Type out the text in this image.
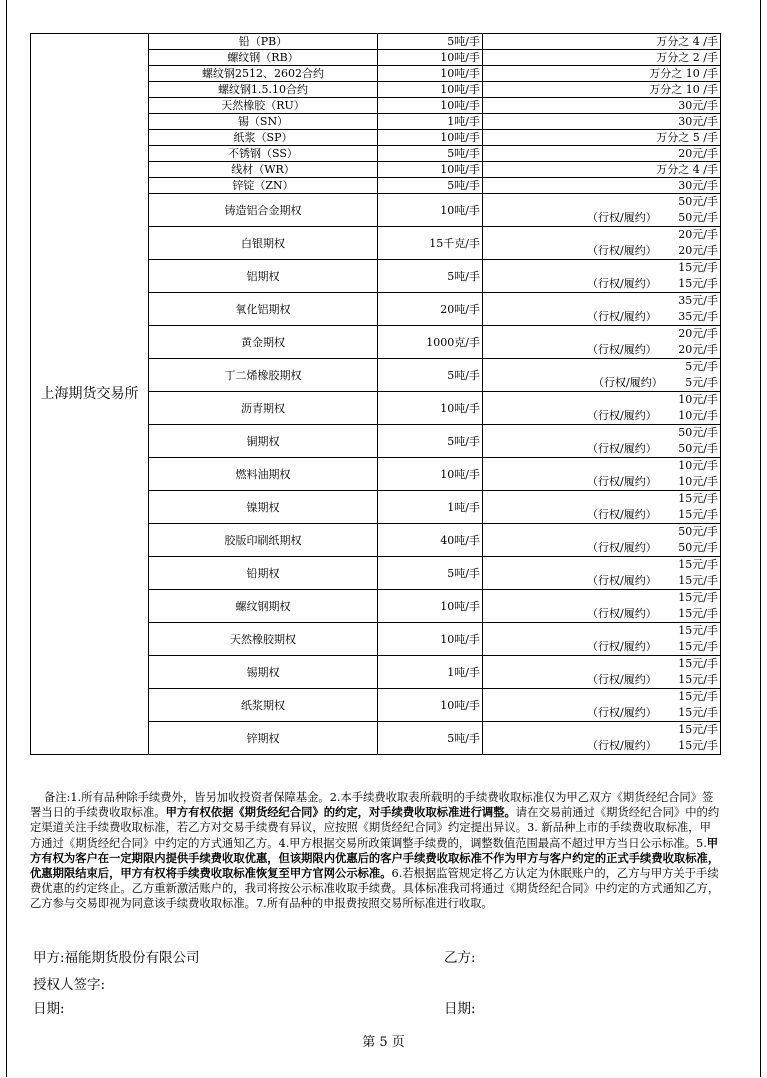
上海期货交易所	铅（PB）	5吨/手	万分之 4 /手
	螺纹钢（RB）	10吨/手	万分之 2 /手
	螺纹钢2512、2602合约	10吨/手	万分之 10 /手
	螺纹钢1.5.10合约	10吨/手	万分之 10 /手
	天然橡胶（RU）	10吨/手	30元/手
	锡（SN）	1吨/手	30元/手
	纸浆（SP）	10吨/手	万分之 5 /手
	不锈钢（SS）	5吨/手	20元/手
	线材（WR）	10吨/手	万分之 4 /手
	锌锭（ZN）	5吨/手	30元/手
	铸造铝合金期权	10吨/手	50元/手
（行权/履约） 50元/手

	白银期权	15千克/手	20元/手
（行权/履约） 20元/手

	铝期权	5吨/手	15元/手
（行权/履约） 15元/手

	氧化铝期权	20吨/手	35元/手
（行权/履约） 35元/手

	黄金期权	1000克/手	20元/手
（行权/履约） 20元/手

	丁二烯橡胶期权	5吨/手	5元/手
（行权/履约） 5元/手

	沥青期权	10吨/手	10元/手
（行权/履约） 10元/手

	铜期权	5吨/手	50元/手
（行权/履约） 50元/手

	燃料油期权	10吨/手	10元/手
（行权/履约） 10元/手

	镍期权	1吨/手	15元/手
（行权/履约） 15元/手

	胶版印刷纸期权	40吨/手	50元/手
（行权/履约） 50元/手

	铅期权	5吨/手	15元/手
（行权/履约） 15元/手

	螺纹钢期权	10吨/手	15元/手
（行权/履约） 15元/手

	天然橡胶期权	10吨/手	15元/手
（行权/履约） 15元/手

	锡期权	1吨/手	15元/手
（行权/履约） 15元/手

	纸浆期权	10吨/手	15元/手
（行权/履约） 15元/手

	锌期权	5吨/手	15元/手
（行权/履约） 15元/手
备注:1.所有品种除手续费外，皆另加收投资者保障基金。2.本手续费收取表所载明的手续费收取标准仅为甲乙双方《期货经纪合同》签署当日的手续费收取标准。甲方有权依据《期货经纪合同》的约定，对手续费收取标准进行调整。请在交易前通过《期货经纪合同》中的约定渠道关注手续费收取标准，若乙方对交易手续费有异议，应按照《期货经纪合同》约定提出异议。3. 新品种上市的手续费收取标准，甲方通过《期货经纪合同》中约定的方式通知乙方。4.甲方根据交易所政策调整手续费的，调整数值范围最高不超过甲方当日公示标准。5.甲方有权为客户在一定期限内提供手续费收取优惠，但该期限内优惠后的客户手续费收取标准不作为甲方与客户约定的正式手续费收取标准，优惠期限结束后，甲方有权将手续费收取标准恢复至甲方官网公示标准。6.若根据监管规定将乙方认定为休眠账户的，乙方与甲方关于手续费优惠的约定终止。乙方重新激活账户的，我司将按公示标准收取手续费。具体标准我司将通过《期货经纪合同》中约定的方式通知乙方，乙方参与交易即视为同意该手续费收取标准。7.所有品种的申报费按照交易所标准进行收取。
甲方:福能期货股份有限公司	乙方:
授权人签字:
日期:	日期:
第 5 页
